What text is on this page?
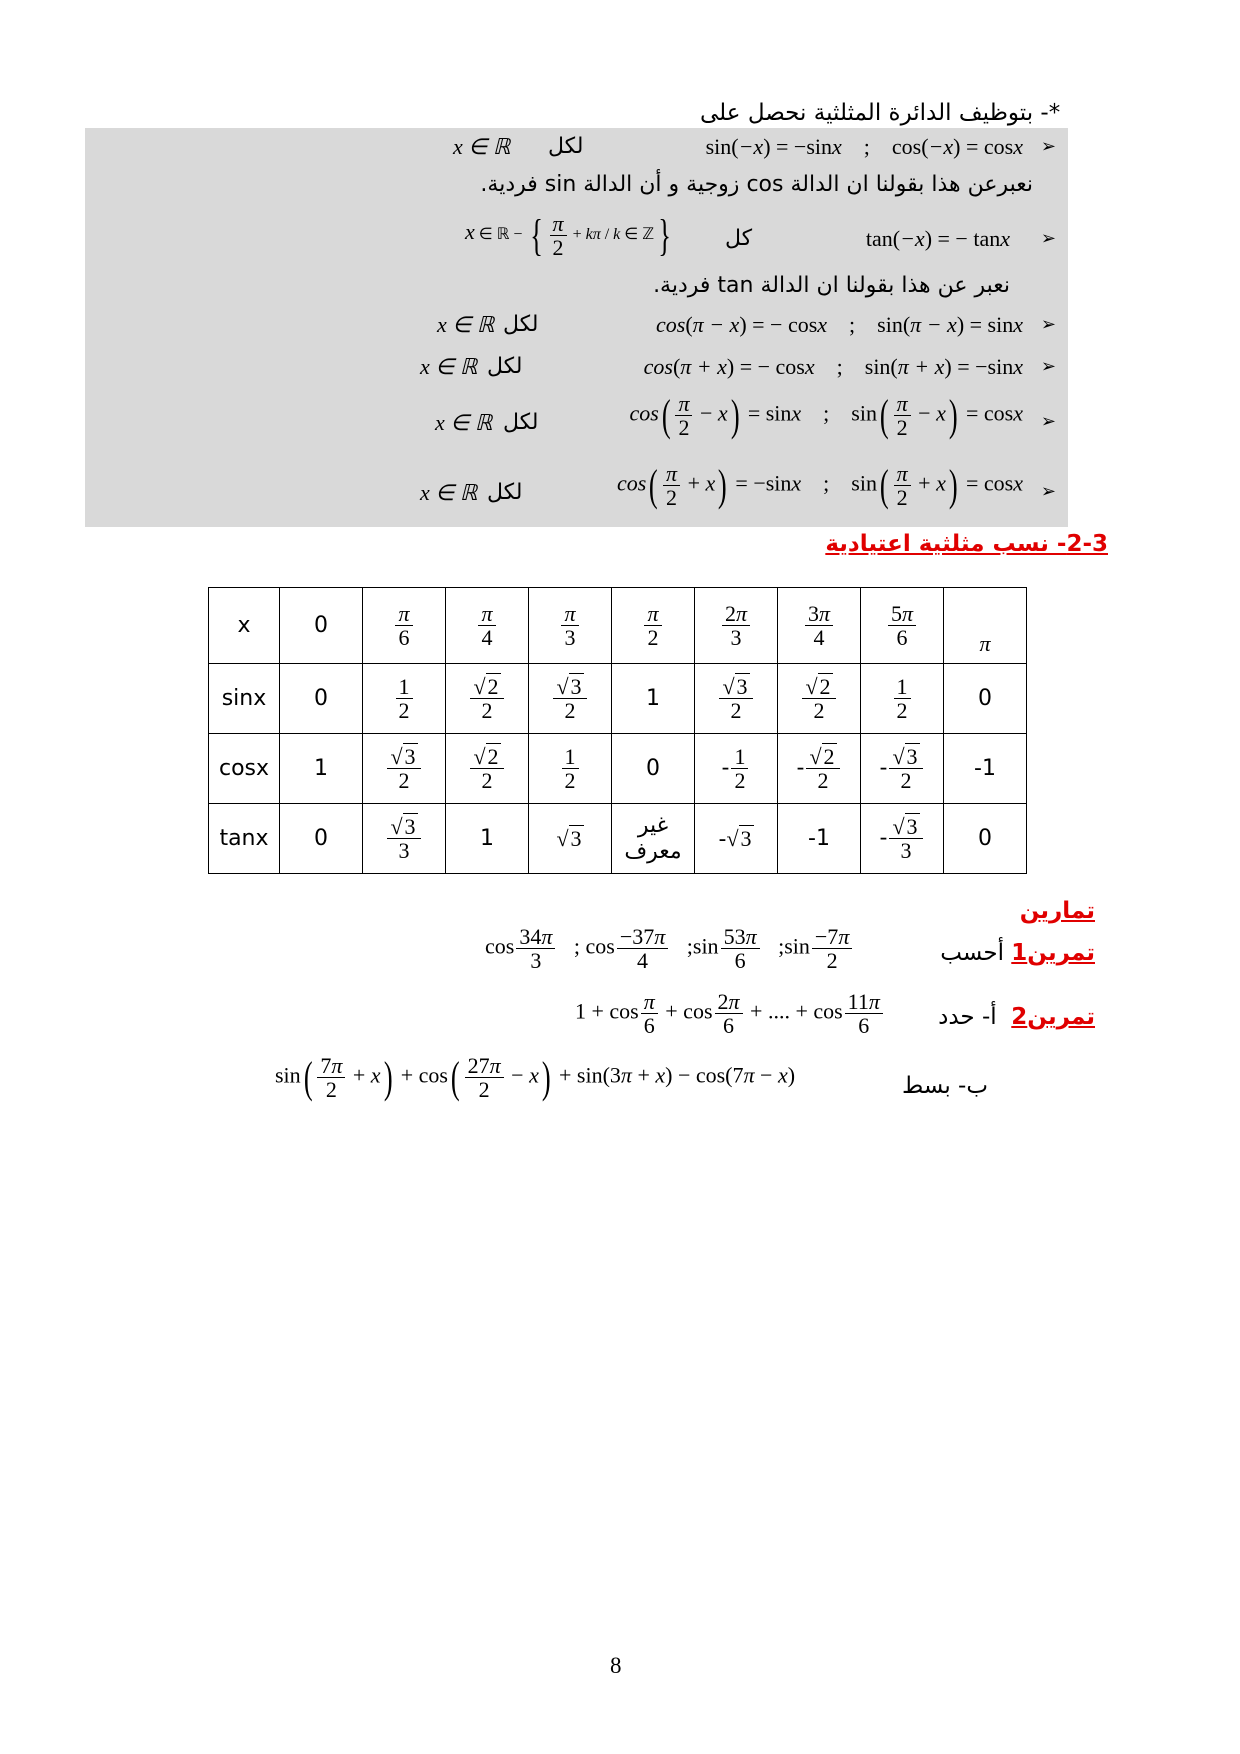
*- بتوظيف الدائرة المثلثية نحصل على
➢
sin(−x) = −sinx    ;    cos(−x) = cosx
لكل
x ∈ ℝ
نعبرعن هذا بقولنا ان الدالة cos زوجية و أن الدالة sin فردية.
➢
tan(−x) = − tanx
كل
x ∈ ℝ − { $\frac{\pi}{2} + k\pi / k$ ∈ ℤ}
نعبر عن هذا بقولنا ان الدالة tan فردية.
➢
cos(π − x) = − cosx    ;    sin(π − x) = sinx
لكل
x ∈ ℝ
➢
cos(π + x) = − cosx    ;    sin(π + x) = −sinx
لكل
x ∈ ℝ
➢
$\cos( \frac{\pi}{2} - x) = \sin x$    ;    $\sin( \frac{\pi}{2} - x) = \cos x$
لكل
x ∈ ℝ
➢
$\cos( \frac{\pi}{2} + x) = -\sin x$    ;    $\sin( \frac{\pi}{2} + x) = \cos x$
لكل
x ∈ ℝ
2-3- نسب مثلثية اعتيادية
x	0	$\frac{\pi}{6}$	$\frac{\pi}{4}$	$\frac{\pi}{3}$	$\frac{\pi}{2}$	$\frac{2\pi}{3}$	$\frac{3\pi}{4}$	$\frac{5\pi}{6}$	π
sinx	0	$\frac{1}{2}$	$\frac{√2}{2}$	$\frac{√3}{2}$	1	$\frac{√3}{2}$	$\frac{√2}{2}$	$\frac{1}{2}$	0
cosx	1	$\frac{√3}{2}$	$\frac{√2}{2}$	$\frac{1}{2}$	0	- $\frac{1}{2}$	- $\frac{√2}{2}$	- $\frac{√3}{2}$	-1
tanx	0	$\frac{√3}{3}$	1	√3	غير معرف	-√3	-1	- $\frac{√3}{3}$	0
تمارين
تمرين1 أحسب
$\cos \frac{34\pi}{3}$ ; $\cos \frac{-37\pi}{4}$ ;sin $\frac{53\pi}{6}$ ;sin $\frac{-7\pi}{2}$
تمرين2  أ- حدد
$1 + \cos \frac{\pi}{6} + \cos \frac{2\pi}{6}$ + .... + $\cos \frac{11\pi}{6}$
ب- بسط
$\sin( \frac{7\pi}{2} + x) + \cos( \frac{27\pi}{2} - x) + \sin(3\pi + x) - \cos(7\pi - x)$
8
